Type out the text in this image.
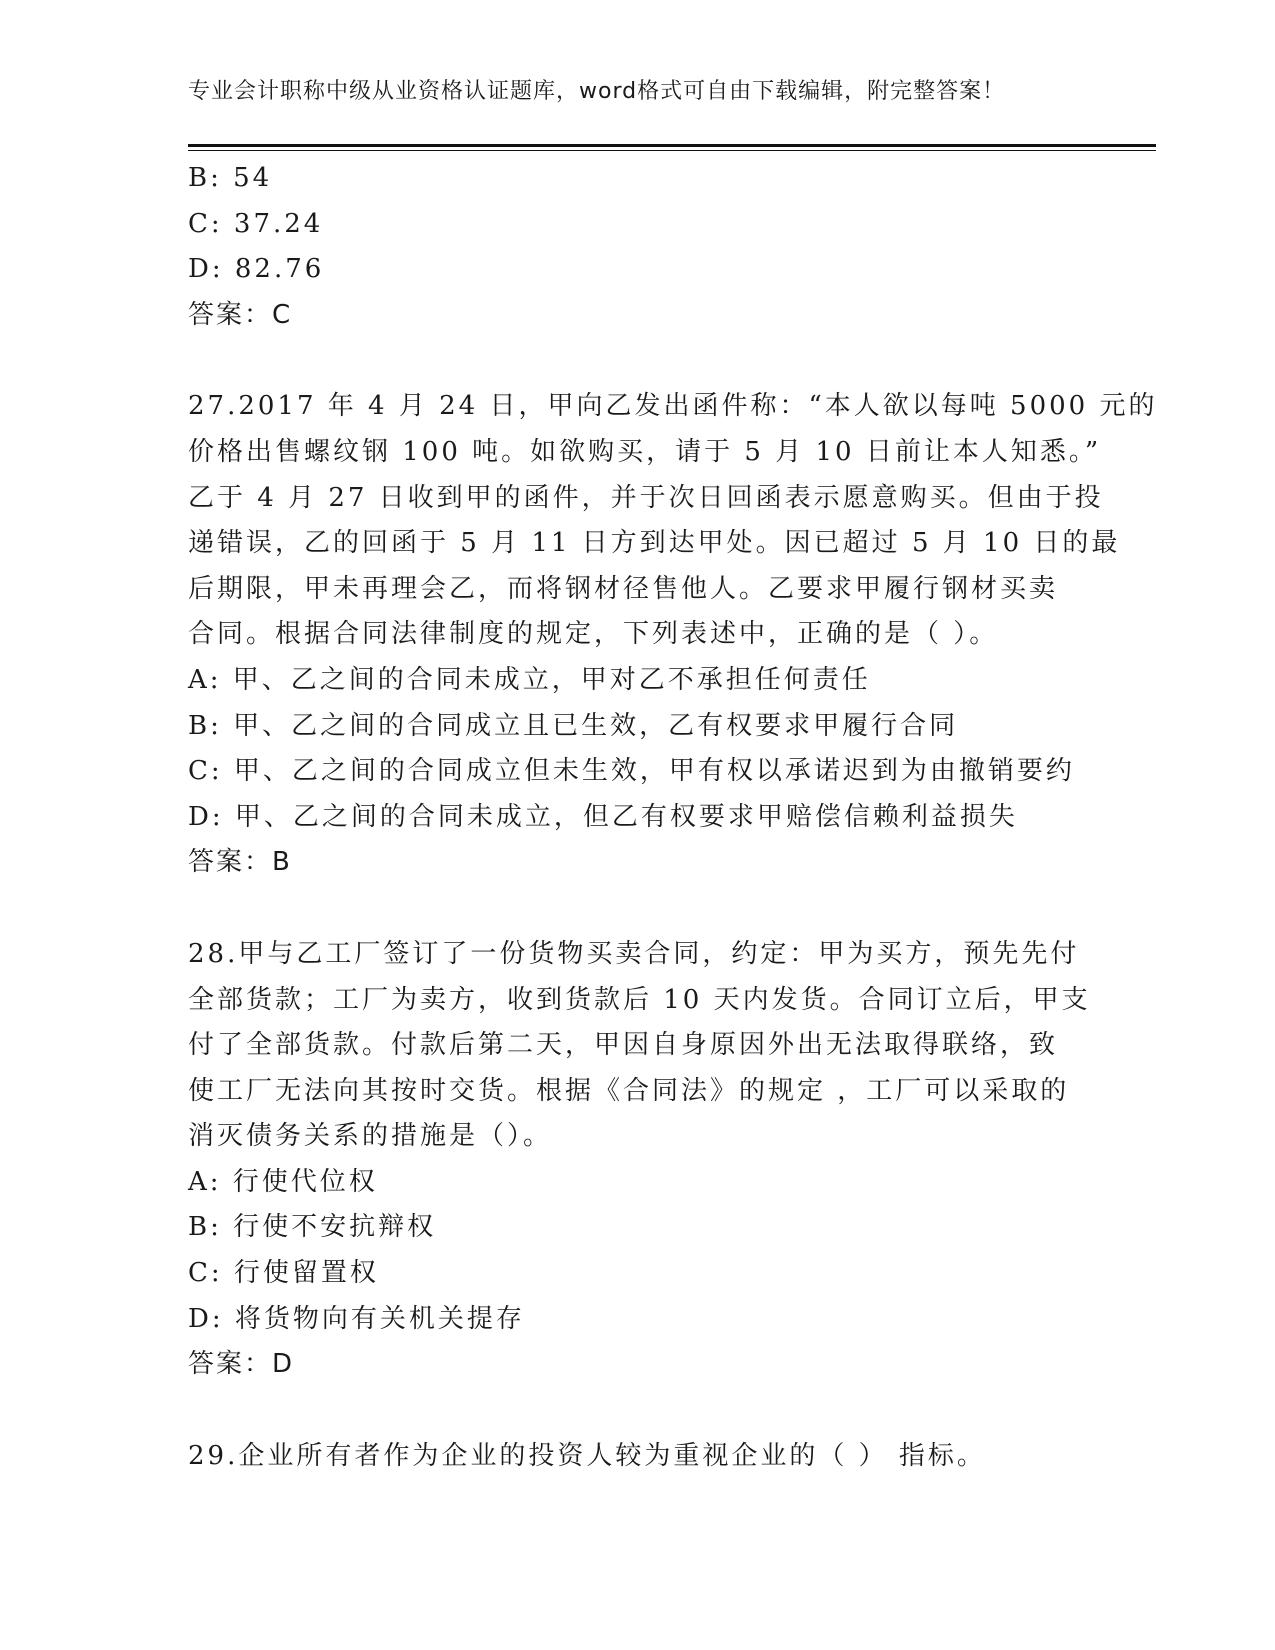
专业会计职称中级从业资格认证题库，word格式可自由下载编辑，附完整答案！
B: 54
C: 37.24
D: 82.76
答案：C
27.2017 年 4 月 24 日，甲向乙发出函件称：“本人欲以每吨 5000 元的
价格出售螺纹钢 100 吨。如欲购买，请于 5 月 10 日前让本人知悉。”
乙于 4 月 27 日收到甲的函件，并于次日回函表示愿意购买。但由于投
递错误，乙的回函于 5 月 11 日方到达甲处。因已超过 5 月 10 日的最
后期限，甲未再理会乙，而将钢材径售他人。乙要求甲履行钢材买卖
合同。根据合同法律制度的规定，下列表述中，正确的是（ ）。
A: 甲、乙之间的合同未成立，甲对乙不承担任何责任
B: 甲、乙之间的合同成立且已生效，乙有权要求甲履行合同
C: 甲、乙之间的合同成立但未生效，甲有权以承诺迟到为由撤销要约
D: 甲、乙之间的合同未成立，但乙有权要求甲赔偿信赖利益损失
答案：B
28.甲与乙工厂签订了一份货物买卖合同，约定：甲为买方，预先先付
全部货款；工厂为卖方，收到货款后 10 天内发货。合同订立后，甲支
付了全部货款。付款后第二天，甲因自身原因外出无法取得联络，致
使工厂无法向其按时交货。根据《合同法》的规定 ，工厂可以采取的
消灭债务关系的措施是（）。
A: 行使代位权
B: 行使不安抗辩权
C: 行使留置权
D: 将货物向有关机关提存
答案：D
29.企业所有者作为企业的投资人较为重视企业的（ ） 指标。
